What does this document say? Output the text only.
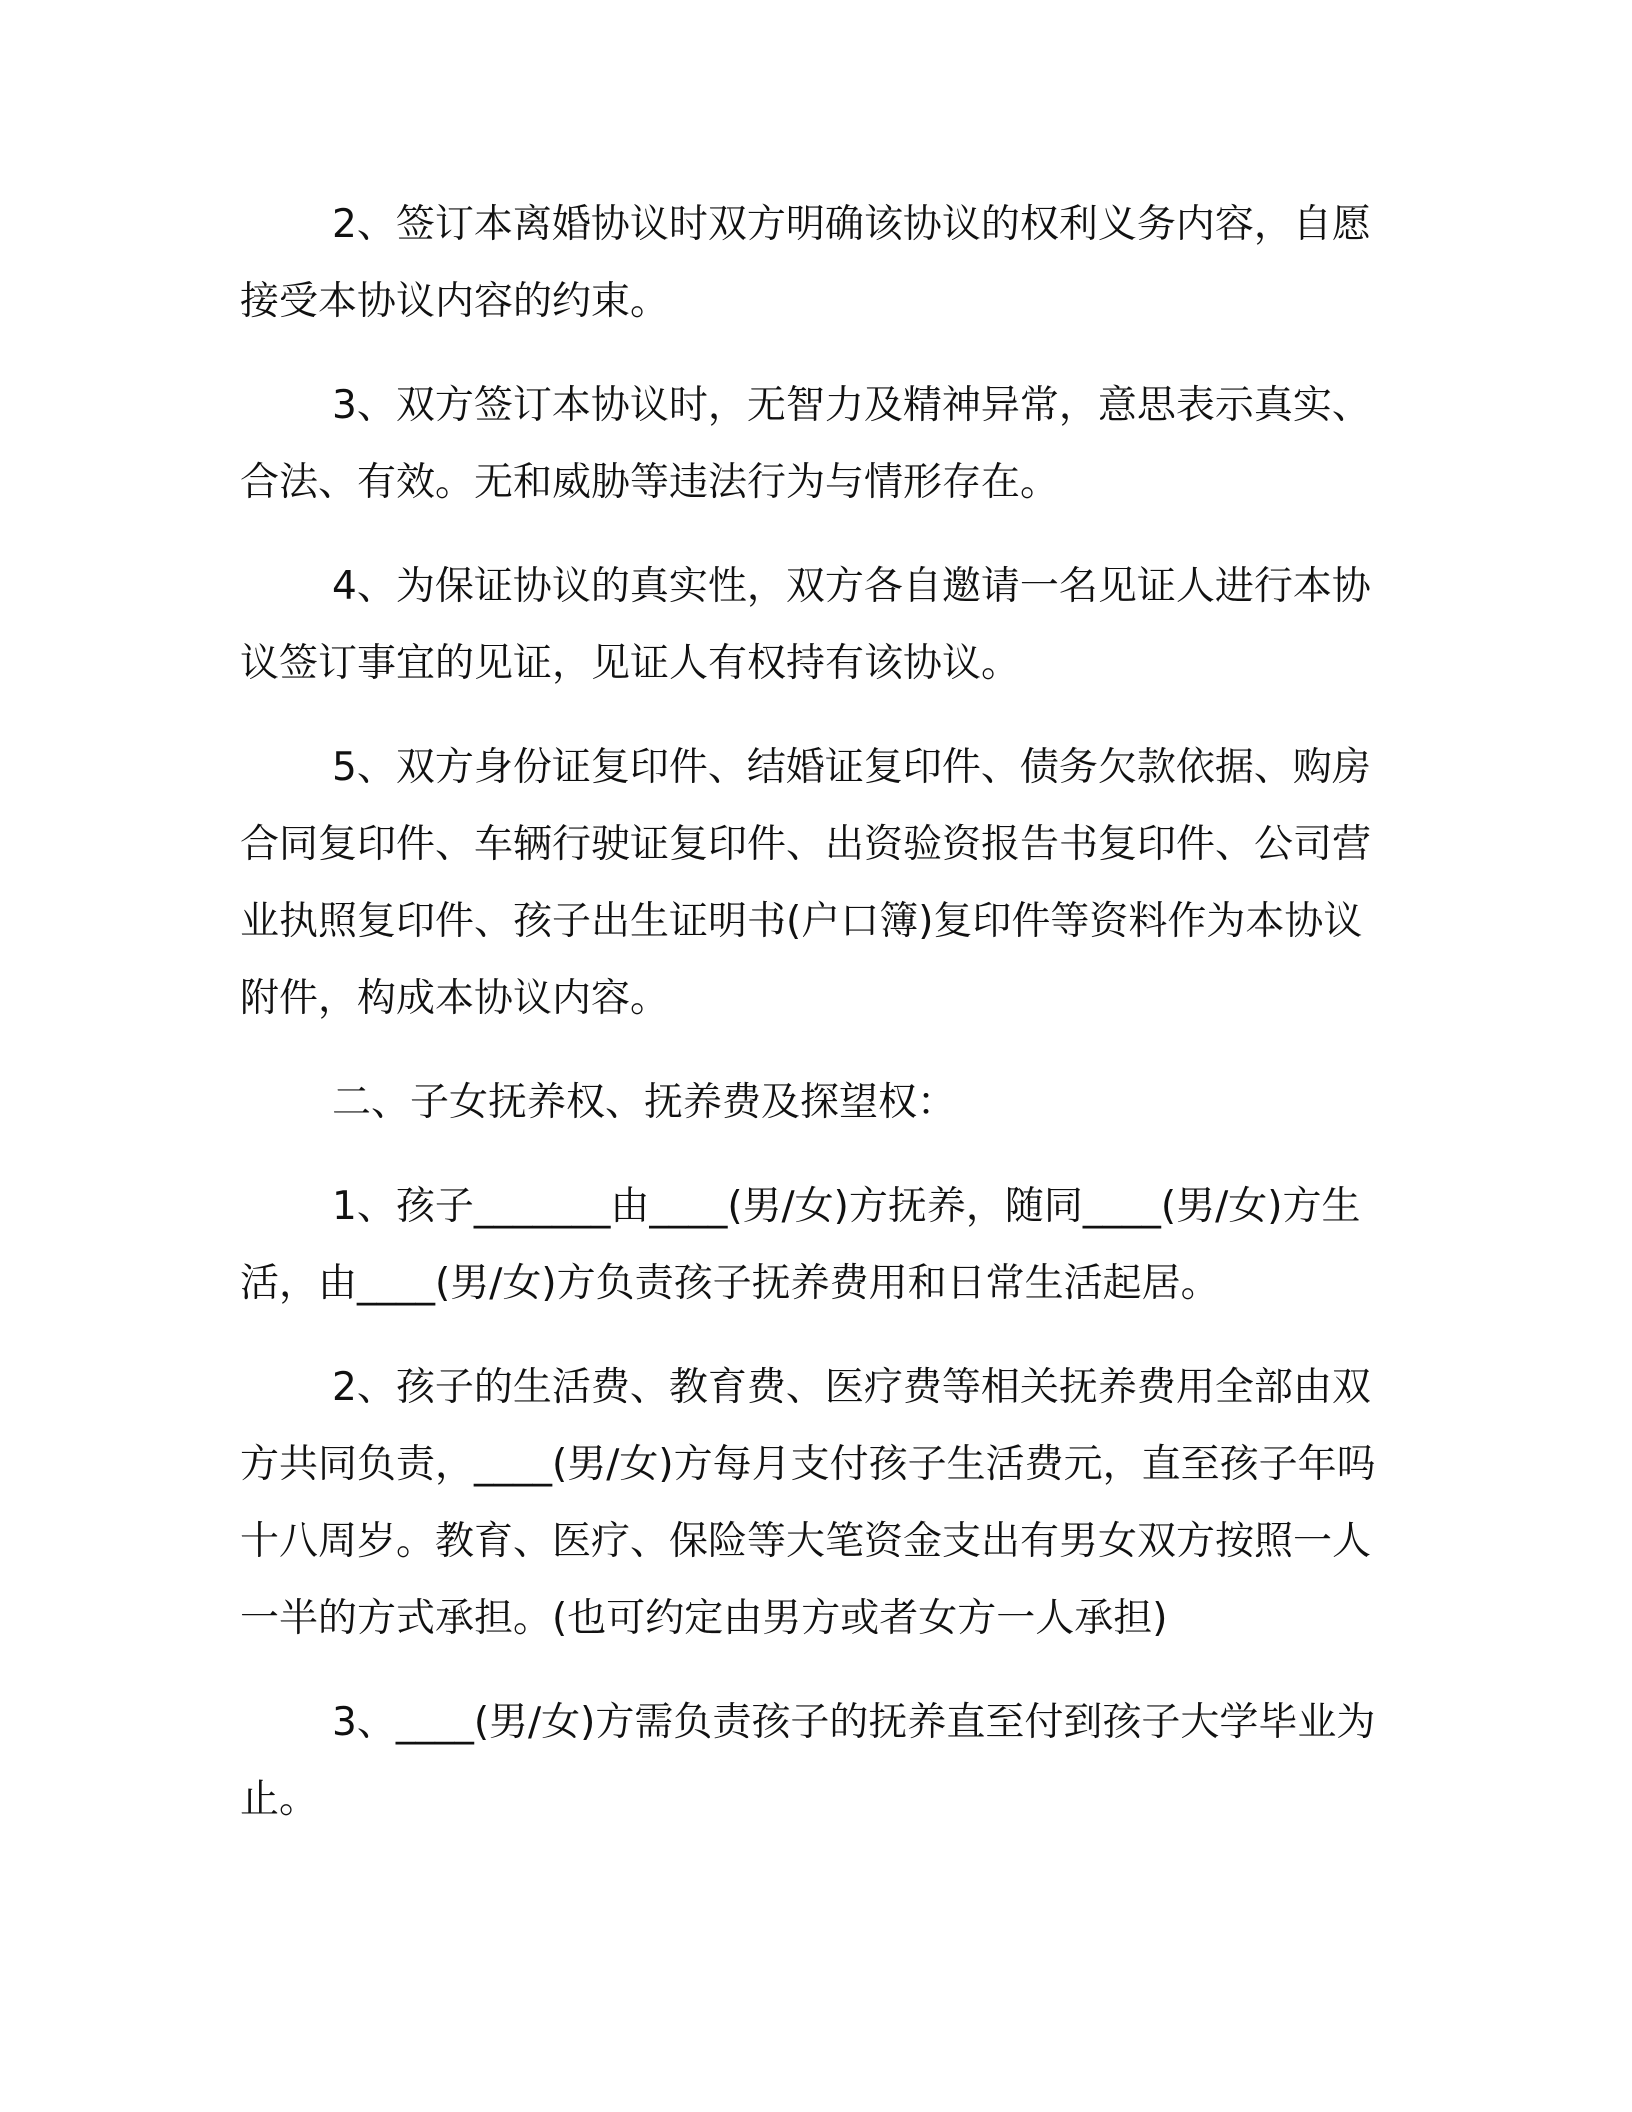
2、签订本离婚协议时双方明确该协议的权利义务内容，自愿接受本协议内容的约束。

3、双方签订本协议时，无智力及精神异常，意思表示真实、合法、有效。无和威胁等违法行为与情形存在。

4、为保证协议的真实性，双方各自邀请一名见证人进行本协议签订事宜的见证，见证人有权持有该协议。

5、双方身份证复印件、结婚证复印件、债务欠款依据、购房合同复印件、车辆行驶证复印件、出资验资报告书复印件、公司营业执照复印件、孩子出生证明书(户口簿)复印件等资料作为本协议附件，构成本协议内容。

二、子女抚养权、抚养费及探望权：

1、孩子_______由____(男/女)方抚养，随同____(男/女)方生活，由____(男/女)方负责孩子抚养费用和日常生活起居。

2、孩子的生活费、教育费、医疗费等相关抚养费用全部由双方共同负责，____(男/女)方每月支付孩子生活费元，直至孩子年吗十八周岁。教育、医疗、保险等大笔资金支出有男女双方按照一人一半的方式承担。(也可约定由男方或者女方一人承担)

3、____(男/女)方需负责孩子的抚养直至付到孩子大学毕业为止。
